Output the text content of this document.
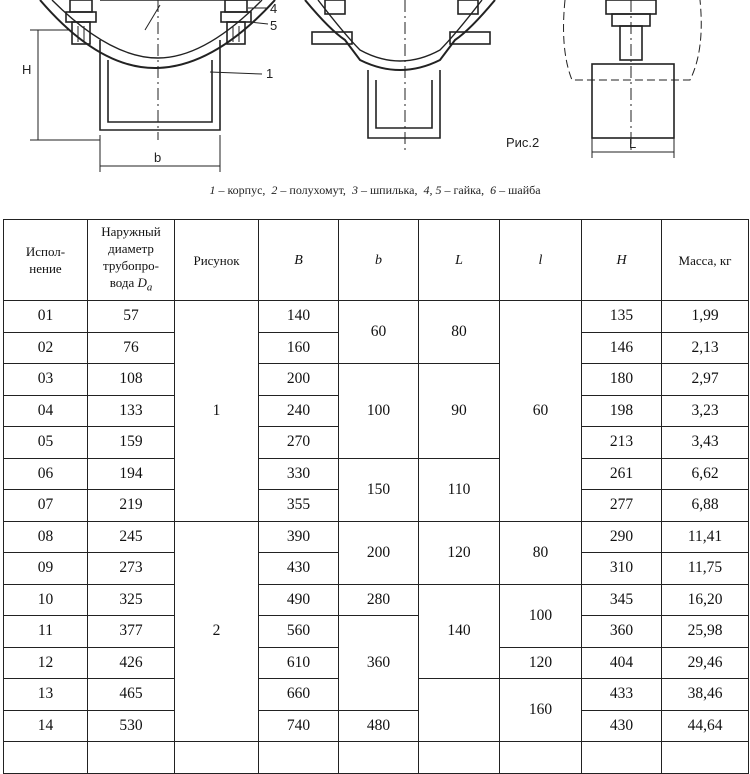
4
5
1
H
b
L
Рис.2
1 – корпус, 2 – полухомут, 3 – шпилька, 4, 5 – гайка, 6 – шайба
Испол-
нение	Наружный
диаметр
трубопро-
вода $D_a$	Рисунок	B	b	L	l	H	Масса, кг
01	57	1	140	60	80	60	135	1,99
02	76		160				146	2,13
03	108		200	100	90		180	2,97
04	133		240				198	3,23
05	159		270				213	3,43
06	194		330	150	110		261	6,62
07	219		355				277	6,88
08	245	2	390	200	120	80	290	11,41
09	273		430				310	11,75
10	325		490	280	140	100	345	16,20
11	377		560	360			360	25,98
12	426		610			120	404	29,46
13	465		660			160	433	38,46
14	530		740	480			430	44,64
